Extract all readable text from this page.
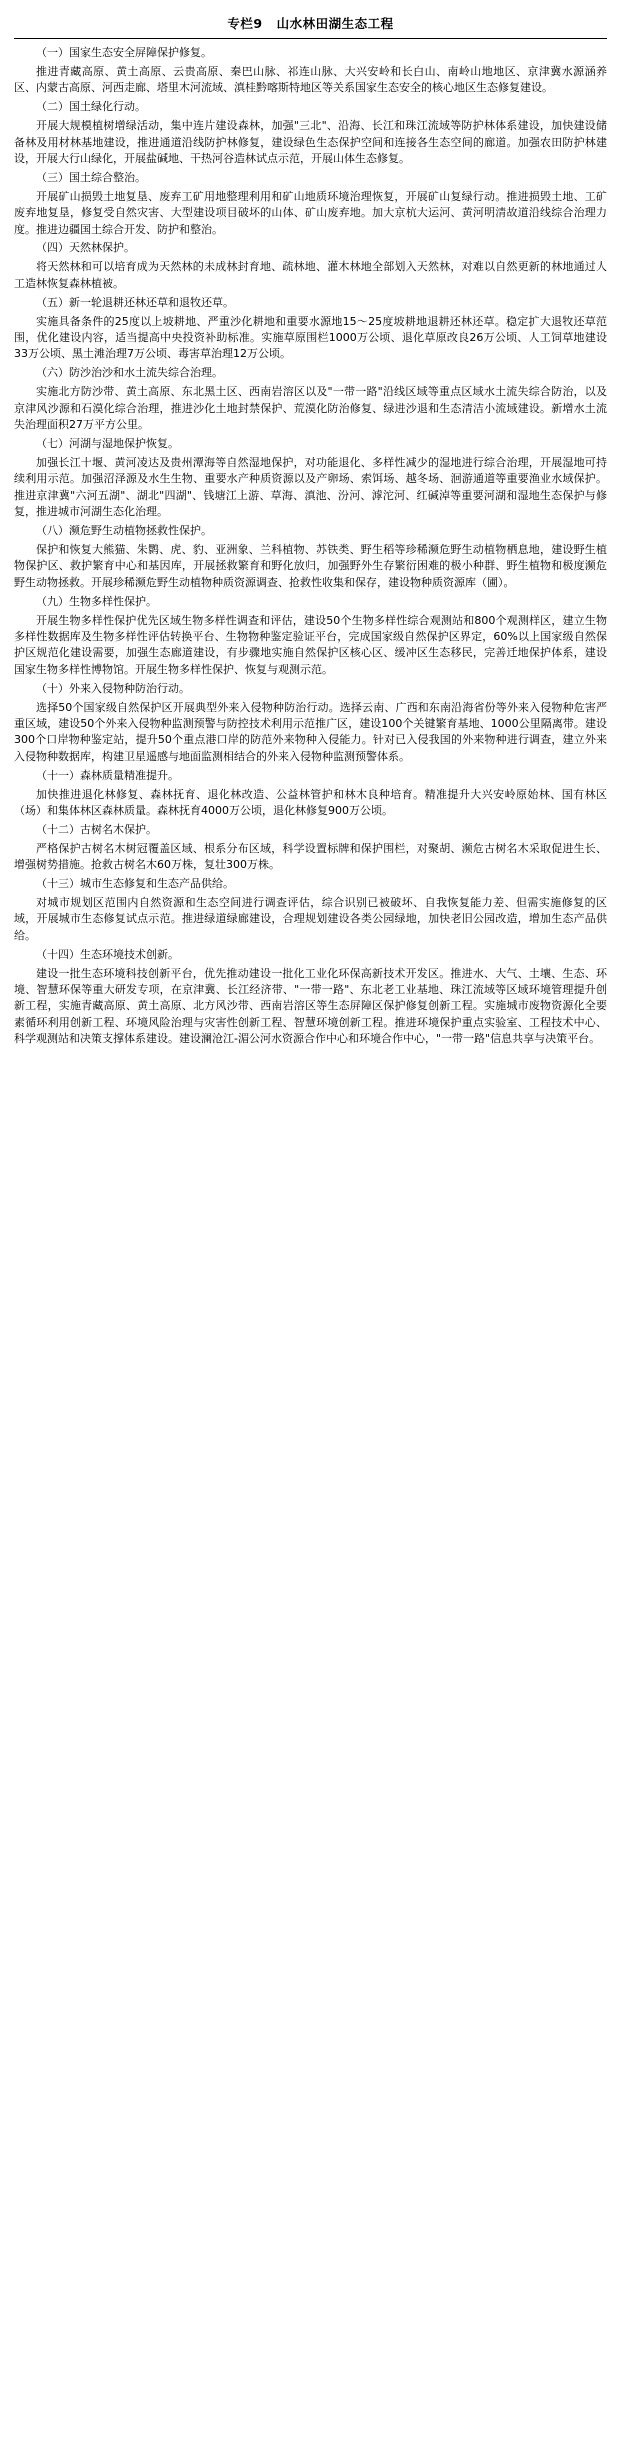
专栏9 山水林田湖生态工程

（一）国家生态安全屏障保护修复。

推进青藏高原、黄土高原、云贵高原、秦巴山脉、祁连山脉、大兴安岭和长白山、南岭山地地区、京津冀水源涵养区、内蒙古高原、河西走廊、塔里木河流域、滇桂黔喀斯特地区等关系国家生态安全的核心地区生态修复建设。

（二）国土绿化行动。

开展大规模植树增绿活动，集中连片建设森林，加强"三北"、沿海、长江和珠江流域等防护林体系建设，加快建设储备林及用材林基地建设，推进通道沿线防护林修复，建设绿色生态保护空间和连接各生态空间的廊道。加强农田防护林建设，开展大行山绿化，开展盐碱地、干热河谷造林试点示范，开展山体生态修复。

（三）国土综合整治。

开展矿山损毁土地复垦、废弃工矿用地整理利用和矿山地质环境治理恢复，开展矿山复绿行动。推进损毁土地、工矿废弃地复垦，修复受自然灾害、大型建设项目破坏的山体、矿山废弃地。加大京杭大运河、黄河明清故道沿线综合治理力度。推进边疆国土综合开发、防护和整治。

（四）天然林保护。

将天然林和可以培育成为天然林的未成林封育地、疏林地、灌木林地全部划入天然林，对难以自然更新的林地通过人工造林恢复森林植被。

（五）新一轮退耕还林还草和退牧还草。

实施具备条件的25度以上坡耕地、严重沙化耕地和重要水源地15～25度坡耕地退耕还林还草。稳定扩大退牧还草范围，优化建设内容，适当提高中央投资补助标准。实施草原围栏1000万公顷、退化草原改良26万公顷、人工饲草地建设33万公顷、黑土滩治理7万公顷、毒害草治理12万公顷。

（六）防沙治沙和水土流失综合治理。

实施北方防沙带、黄土高原、东北黑土区、西南岩溶区以及"一带一路"沿线区域等重点区域水土流失综合防治，以及京津风沙源和石漠化综合治理，推进沙化土地封禁保护、荒漠化防治修复、绿进沙退和生态清洁小流域建设。新增水土流失治理面积27万平方公里。

（七）河湖与湿地保护恢复。

加强长江十堰、黄河凌达及贵州潭海等自然湿地保护，对功能退化、多样性减少的湿地进行综合治理，开展湿地可持续利用示范。加强沼泽源及水生生物、重要水产种质资源以及产卵场、索饵场、越冬场、洄游通道等重要渔业水域保护。推进京津冀"六河五湖"、湖北"四湖"、钱塘江上游、草海、滇池、汾河、滹沱河、红碱淖等重要河湖和湿地生态保护与修复，推进城市河湖生态化治理。

（八）濒危野生动植物拯救性保护。

保护和恢复大熊猫、朱鹮、虎、豹、亚洲象、兰科植物、苏铁类、野生稻等珍稀濒危野生动植物栖息地，建设野生植物保护区、救护繁育中心和基因库，开展拯救繁育和野化放归，加强野外生存繁衍困难的极小种群、野生植物和极度濒危野生动物拯救。开展珍稀濒危野生动植物种质资源调查、抢救性收集和保存，建设物种质资源库（圃）。

（九）生物多样性保护。

开展生物多样性保护优先区域生物多样性调查和评估，建设50个生物多样性综合观测站和800个观测样区，建立生物多样性数据库及生物多样性评估转换平台、生物物种鉴定验证平台，完成国家级自然保护区界定，60%以上国家级自然保护区规范化建设需要，加强生态廊道建设，有步骤地实施自然保护区核心区、缓冲区生态移民，完善迁地保护体系，建设国家生物多样性博物馆。开展生物多样性保护、恢复与观测示范。

（十）外来入侵物种防治行动。

选择50个国家级自然保护区开展典型外来入侵物种防治行动。选择云南、广西和东南沿海省份等外来入侵物种危害严重区域，建设50个外来入侵物种监测预警与防控技术利用示范推广区，建设100个关键繁育基地、1000公里隔离带。建设300个口岸物种鉴定站，提升50个重点港口岸的防范外来物种入侵能力。针对已入侵我国的外来物种进行调查，建立外来入侵物种数据库，构建卫星遥感与地面监测相结合的外来入侵物种监测预警体系。

（十一）森林质量精准提升。

加快推进退化林修复、森林抚育、退化林改造、公益林管护和林木良种培育。精准提升大兴安岭原始林、国有林区（场）和集体林区森林质量。森林抚育4000万公顷，退化林修复900万公顷。

（十二）古树名木保护。

严格保护古树名木树冠覆盖区域、根系分布区域，科学设置标牌和保护围栏，对聚胡、濒危古树名木采取促进生长、增强树势措施。抢救古树名木60万株，复壮300万株。

（十三）城市生态修复和生态产品供给。

对城市规划区范围内自然资源和生态空间进行调查评估，综合识别已被破坏、自我恢复能力差、但需实施修复的区域，开展城市生态修复试点示范。推进绿道绿廊建设，合理规划建设各类公园绿地，加快老旧公园改造，增加生态产品供给。

（十四）生态环境技术创新。

建设一批生态环境科技创新平台，优先推动建设一批化工业化环保高新技术开发区。推进水、大气、土壤、生态、环境、智慧环保等重大研发专项，在京津冀、长江经济带、"一带一路"、东北老工业基地、珠江流域等区域环境管理提升创新工程，实施青藏高原、黄土高原、北方风沙带、西南岩溶区等生态屏障区保护修复创新工程。实施城市废物资源化全要素循环利用创新工程、环境风险治理与灾害性创新工程、智慧环境创新工程。推进环境保护重点实验室、工程技术中心、科学观测站和决策支撑体系建设。建设澜沧江-湄公河水资源合作中心和环境合作中心，"一带一路"信息共享与决策平台。
